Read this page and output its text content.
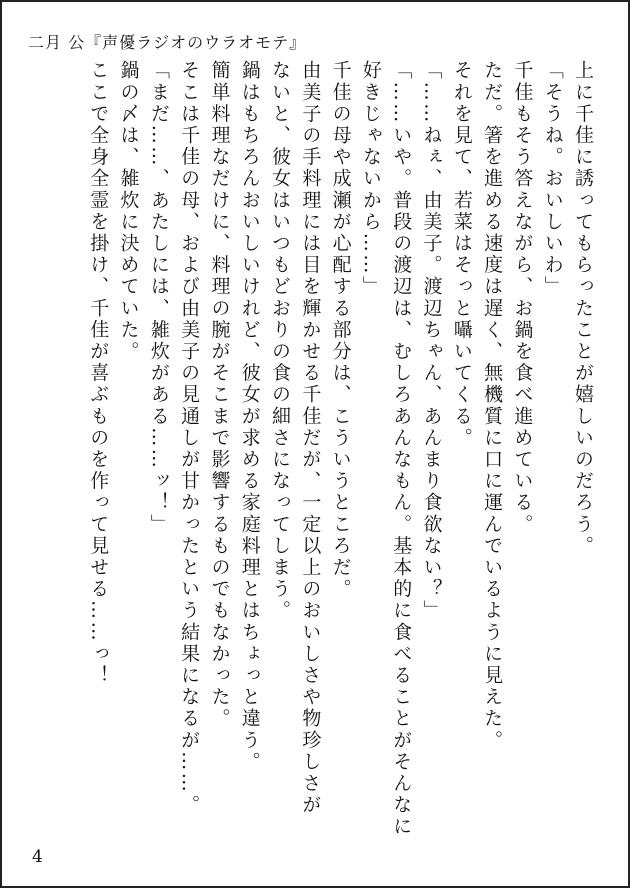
二月 公『声優ラジオのウラオモテ』
上に千佳に誘ってもらったことが嬉しいのだろう。
「そうね。おいしいわ」
千佳もそう答えながら、お鍋を食べ進めている。
ただ。箸を進める速度は遅く、無機質に口に運んでいるように見えた。
それを見て、若菜はそっと囁いてくる。
「……ねぇ、由美子。渡辺ちゃん、あんまり食欲ない？」
「……いや。普段の渡辺は、むしろあんなもん。基本的に食べることがそんなに
好きじゃないから……」
千佳の母や成瀬が心配する部分は、こういうところだ。
由美子の手料理には目を輝かせる千佳だが、一定以上のおいしさや物珍しさが
ないと、彼女はいつもどおりの食の細さになってしまう。
鍋はもちろんおいしいけれど、彼女が求める家庭料理とはちょっと違う。
簡単料理なだけに、料理の腕がそこまで影響するものでもなかった。
そこは千佳の母、および由美子の見通しが甘かったという結果になるが……。
「まだ……、あたしには、雑炊がある……ッ！」
鍋の〆は、雑炊に決めていた。
ここで全身全霊を掛け、千佳が喜ぶものを作って見せる……っ！
4
